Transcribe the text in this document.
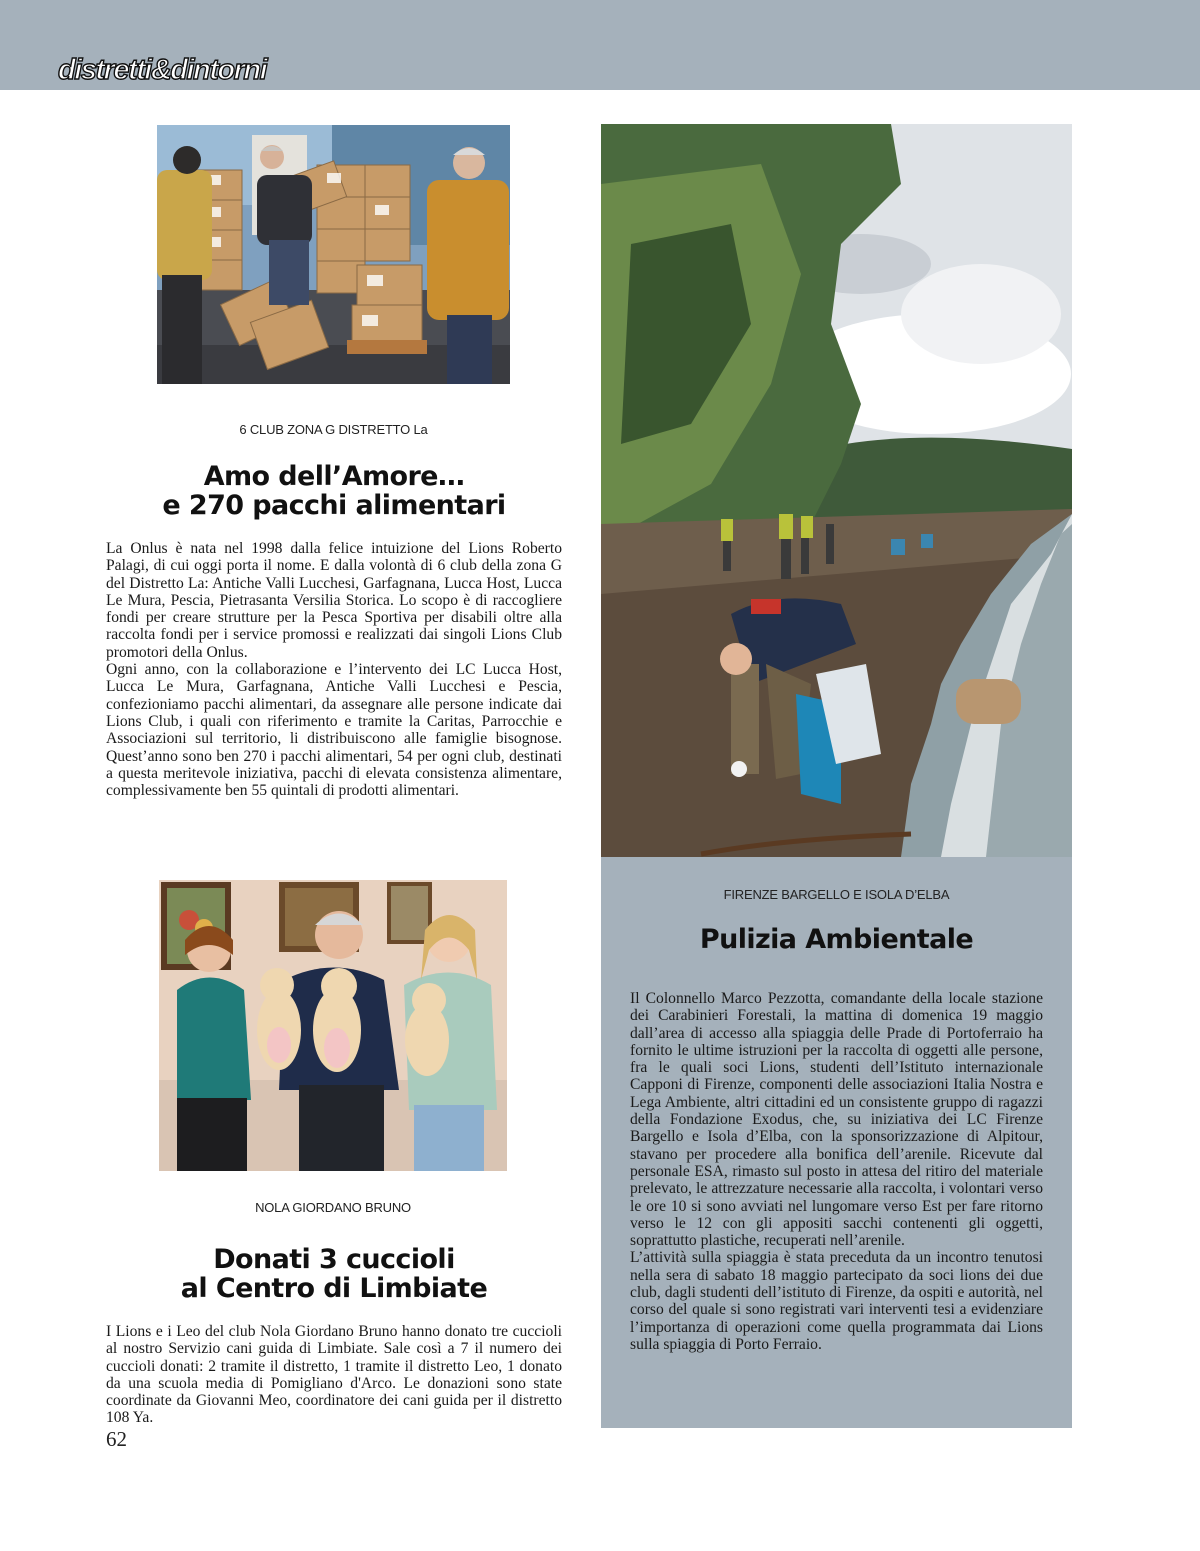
distretti&dintorni
6 CLUB ZONA G DISTRETTO La
Amo dell’Amore…
e 270 pacchi alimentari

La Onlus è nata nel 1998 dalla felice intuizione del Lions Roberto Palagi, di cui oggi porta il nome. E dalla volontà di 6 club della zona G del Distretto La: Antiche Valli Lucchesi, Garfagnana, Lucca Host, Lucca Le Mura, Pescia, Pietrasanta Versilia Storica. Lo scopo è di raccogliere fondi per creare strutture per la Pesca Sportiva per disabili oltre alla raccolta fondi per i service promossi e realizzati dai singoli Lions Club promotori della Onlus.

Ogni anno, con la collaborazione e l’intervento dei LC Lucca Host, Lucca Le Mura, Garfagnana, Antiche Valli Lucchesi e Pescia, confezioniamo pacchi alimentari, da assegnare alle persone indicate dai Lions Club, i quali con riferimento e tramite la Caritas, Parrocchie e Associazioni sul territorio, li distribuiscono alle famiglie bisognose. Quest’anno sono ben 270 i pacchi alimentari, 54 per ogni club, destinati a questa meritevole iniziativa, pacchi di elevata consistenza alimentare, complessivamente ben 55 quintali di prodotti alimentari.

NOLA GIORDANO BRUNO
Donati 3 cuccioli
al Centro di Limbiate

I Lions e i Leo del club Nola Giordano Bruno hanno donato tre cuccioli al nostro Servizio cani guida di Limbiate. Sale così a 7 il numero dei cuccioli donati: 2 tramite il distretto, 1 tramite il distretto Leo, 1 donato da una scuola media di Pomigliano d'Arco. Le donazioni sono state coordinate da Giovanni Meo, coordinatore dei cani guida per il distretto 108 Ya.

FIRENZE BARGELLO E ISOLA D’ELBA
Pulizia Ambientale

Il Colonnello Marco Pezzotta, comandante della locale stazione dei Carabinieri Forestali, la mattina di domenica 19 maggio dall’area di accesso alla spiaggia delle Prade di Portoferraio ha fornito le ultime istruzioni per la raccolta di oggetti alle persone, fra le quali soci Lions, studenti dell’Istituto internazionale Capponi di Firenze, componenti delle associazioni Italia Nostra e Lega Ambiente, altri cittadini ed un consistente gruppo di ragazzi della Fondazione Exodus, che, su iniziativa dei LC Firenze Bargello e Isola d’Elba, con la sponsorizzazione di Alpitour, stavano per procedere alla bonifica dell’arenile. Ricevute dal personale ESA, rimasto sul posto in attesa del ritiro del materiale prelevato, le attrezzature necessarie alla raccolta, i volontari verso le ore 10 si sono avviati nel lungomare verso Est per fare ritorno verso le 12 con gli appositi sacchi contenenti gli oggetti, soprattutto plastiche, recuperati nell’arenile.

L’attività sulla spiaggia è stata preceduta da un incontro tenutosi nella sera di sabato 18 maggio partecipato da soci lions dei due club, dagli studenti dell’istituto di Firenze, da ospiti e autorità, nel corso del quale si sono registrati vari interventi tesi a evidenziare l’importanza di operazioni come quella programmata dai Lions sulla spiaggia di Porto Ferraio.

62
